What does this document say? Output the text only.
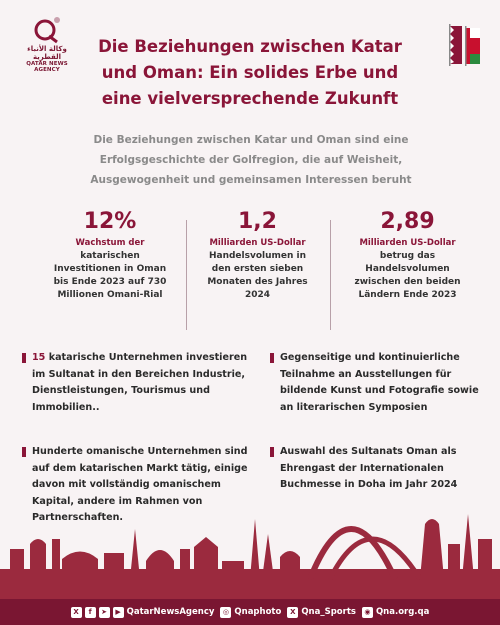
وكالة الأنباء القطرية
QATAR NEWS AGENCY
Die Beziehungen zwischen Katar
und Oman: Ein solides Erbe und
eine vielversprechende Zukunft
Die Beziehungen zwischen Katar und Oman sind eine
Erfolgsgeschichte der Golfregion, die auf Weisheit,
Ausgewogenheit und gemeinsamen Interessen beruht
12%
Wachstum der
katarischen
Investitionen in Oman
bis Ende 2023 auf 730
Millionen Omani-Rial
1,2
Milliarden US-Dollar
Handelsvolumen in
den ersten sieben
Monaten des Jahres
2024
2,89
Milliarden US-Dollar
betrug das
Handelsvolumen
zwischen den beiden
Ländern Ende 2023
15 katarische Unternehmen investieren
im Sultanat in den Bereichen Industrie,
Dienstleistungen, Tourismus und
Immobilien..
Gegenseitige und kontinuierliche
Teilnahme an Ausstellungen für
bildende Kunst und Fotografie sowie
an literarischen Symposien
Hunderte omanische Unternehmen sind
auf dem katarischen Markt tätig, einige
davon mit vollständig omanischem
Kapital, andere im Rahmen von
Partnerschaften.
Auswahl des Sultanats Oman als
Ehrengast der Internationalen
Buchmesse in Doha im Jahr 2024
X	f	➤	▶ QatarNewsAgency	◎ Qnaphoto	X Qna_Sports	◉ Qna.org.qa
